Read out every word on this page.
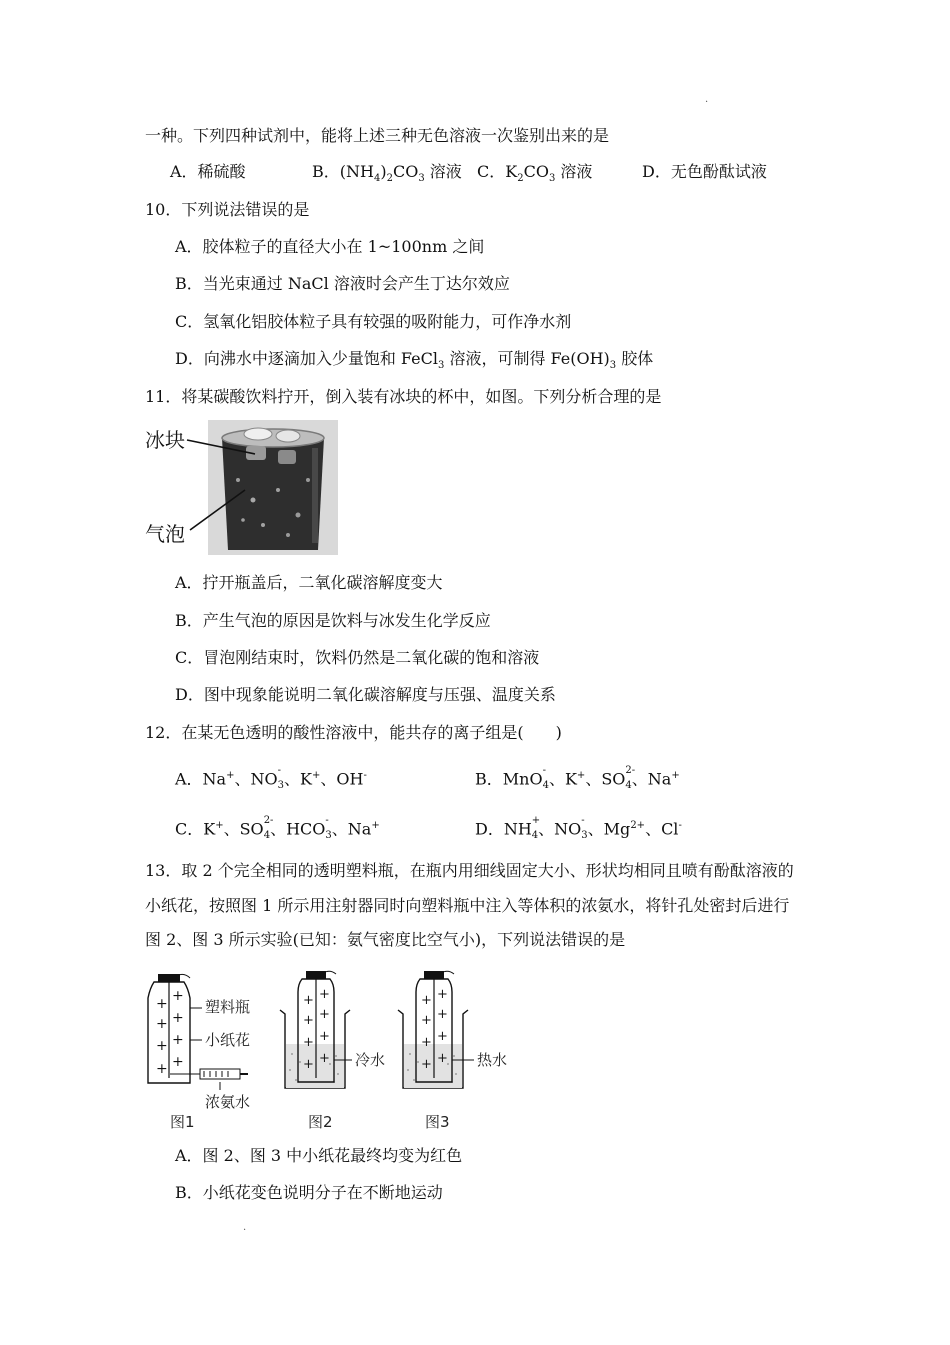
.
一种。下列四种试剂中，能将上述三种无色溶液一次鉴别出来的是
A．稀硫酸	B．$(NH_4)_2CO_3$ 溶液 C．$K_2CO_3$ 溶液	D．无色酚酞试液
10．下列说法错误的是
A．胶体粒子的直径大小在 1~100nm 之间
B．当光束通过 NaCl 溶液时会产生丁达尔效应
C．氢氧化铝胶体粒子具有较强的吸附能力，可作净水剂
D．向沸水中逐滴加入少量饱和 FeCl$_3$ 溶液，可制得 $Fe(OH)_3$ 胶体
11．将某碳酸饮料拧开，倒入装有冰块的杯中，如图。下列分析合理的是
冰块
气泡
A．拧开瓶盖后，二氧化碳溶解度变大
B．产生气泡的原因是饮料与冰发生化学反应
C．冒泡刚结束时，饮料仍然是二氧化碳的饱和溶液
D．图中现象能说明二氧化碳溶解度与压强、温度关系
12．在某无色透明的酸性溶液中，能共存的离子组是(　　)
A．Na+、$NO_3$
- 、K+、OH-	B．MnO$_4$
- 、K+、$SO_4$
2-
、Na+
C．K+、$SO_4$
2-
、$HCO_3$
- 、Na+	D．$NH_4$
+
、$NO_3$
- 、$Mg^{2+}$、Cl-
13．取 2 个完全相同的透明塑料瓶，在瓶内用细线固定大小、形状均相同且喷有酚酞溶液的
小纸花，按照图 1 所示用注射器同时向塑料瓶中注入等体积的浓氨水，将针孔处密封后进行
图 2、图 3 所示实验(已知：氨气密度比空气小)，下列说法错误的是
+ +
+ +
+ +
+ +
塑料瓶
小纸花
浓氨水
图1
+ +
+ +
+ +
+ + 冷水
图2
+ +
+ +
+ +
+ + 热水
图3
A．图 2、图 3 中小纸花最终均变为红色
B．小纸花变色说明分子在不断地运动
.
